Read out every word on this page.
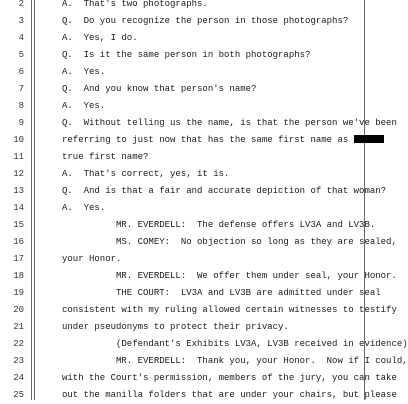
2	A.  That's two photographs.
3	Q.  Do you recognize the person in those photographs?
4	A.  Yes, I do.
5	Q.  Is it the same person in both photographs?
6	A.  Yes.
7	Q.  And you know that person's name?
8	A.  Yes.
9	Q.  Without telling us the name, is that the person we've been
10	referring to just now that has the same first name as
11	true first name?
12	A.  That's correct, yes, it is.
13	Q.  And is that a fair and accurate depiction of that woman?
14	A.  Yes.
15	MR. EVERDELL:  The defense offers LV3A and LV3B.
16	MS. COMEY:  No objection so long as they are sealed,
17	your Honor.
18	MR. EVERDELL:  We offer them under seal, your Honor.
19	THE COURT:  LV3A and LV3B are admitted under seal
20	consistent with my ruling allowed certain witnesses to testify
21	under pseudonyms to protect their privacy.
22	(Defendant's Exhibits LV3A, LV3B received in evidence)
23	MR. EVERDELL:  Thank you, your Honor.  Now if I could,
24	with the Court's permission, members of the jury, you can take
25	out the manilla folders that are under your chairs, but please
